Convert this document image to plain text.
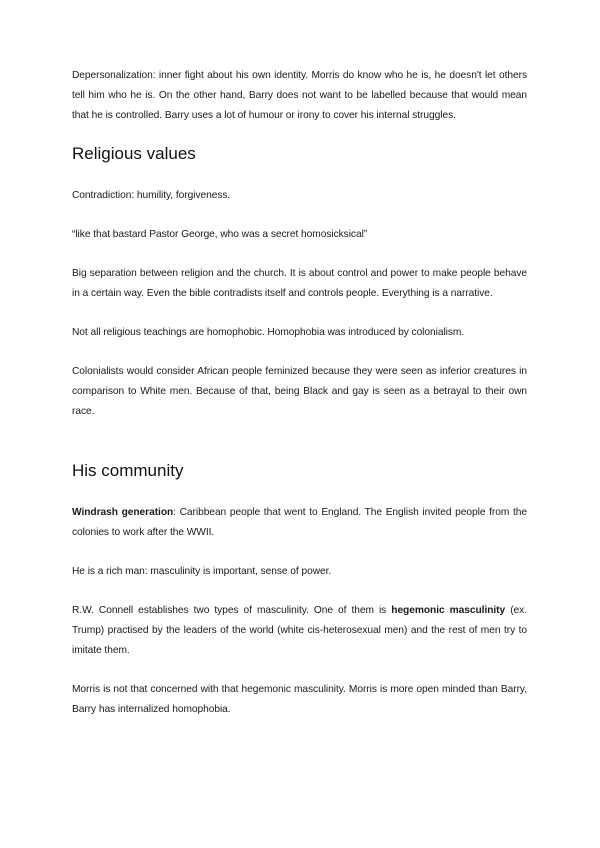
Depersonalization: inner fight about his own identity. Morris do know who he is, he doesn't let others tell him who he is. On the other hand, Barry does not want to be labelled because that would mean that he is controlled. Barry uses a lot of humour or irony to cover his internal struggles.

Religious values

Contradiction: humility, forgiveness.

“like that bastard Pastor George, who was a secret homosicksical”

Big separation between religion and the church. It is about control and power to make people behave in a certain way. Even the bible contradists itself and controls people. Everything is a narrative.

Not all religious teachings are homophobic. Homophobia was introduced by colonialism.

Colonialists would consider African people feminized because they were seen as inferior creatures in comparison to White men. Because of that, being Black and gay is seen as a betrayal to their own race.

His community

Windrash generation: Caribbean people that went to England. The English invited people from the colonies to work after the WWII.

He is a rich man: masculinity is important, sense of power.

R.W. Connell establishes two types of masculinity. One of them is hegemonic masculinity (ex. Trump) practised by the leaders of the world (white cis-heterosexual men) and the rest of men try to imitate them.

Morris is not that concerned with that hegemonic masculinity. Morris is more open minded than Barry, Barry has internalized homophobia.
